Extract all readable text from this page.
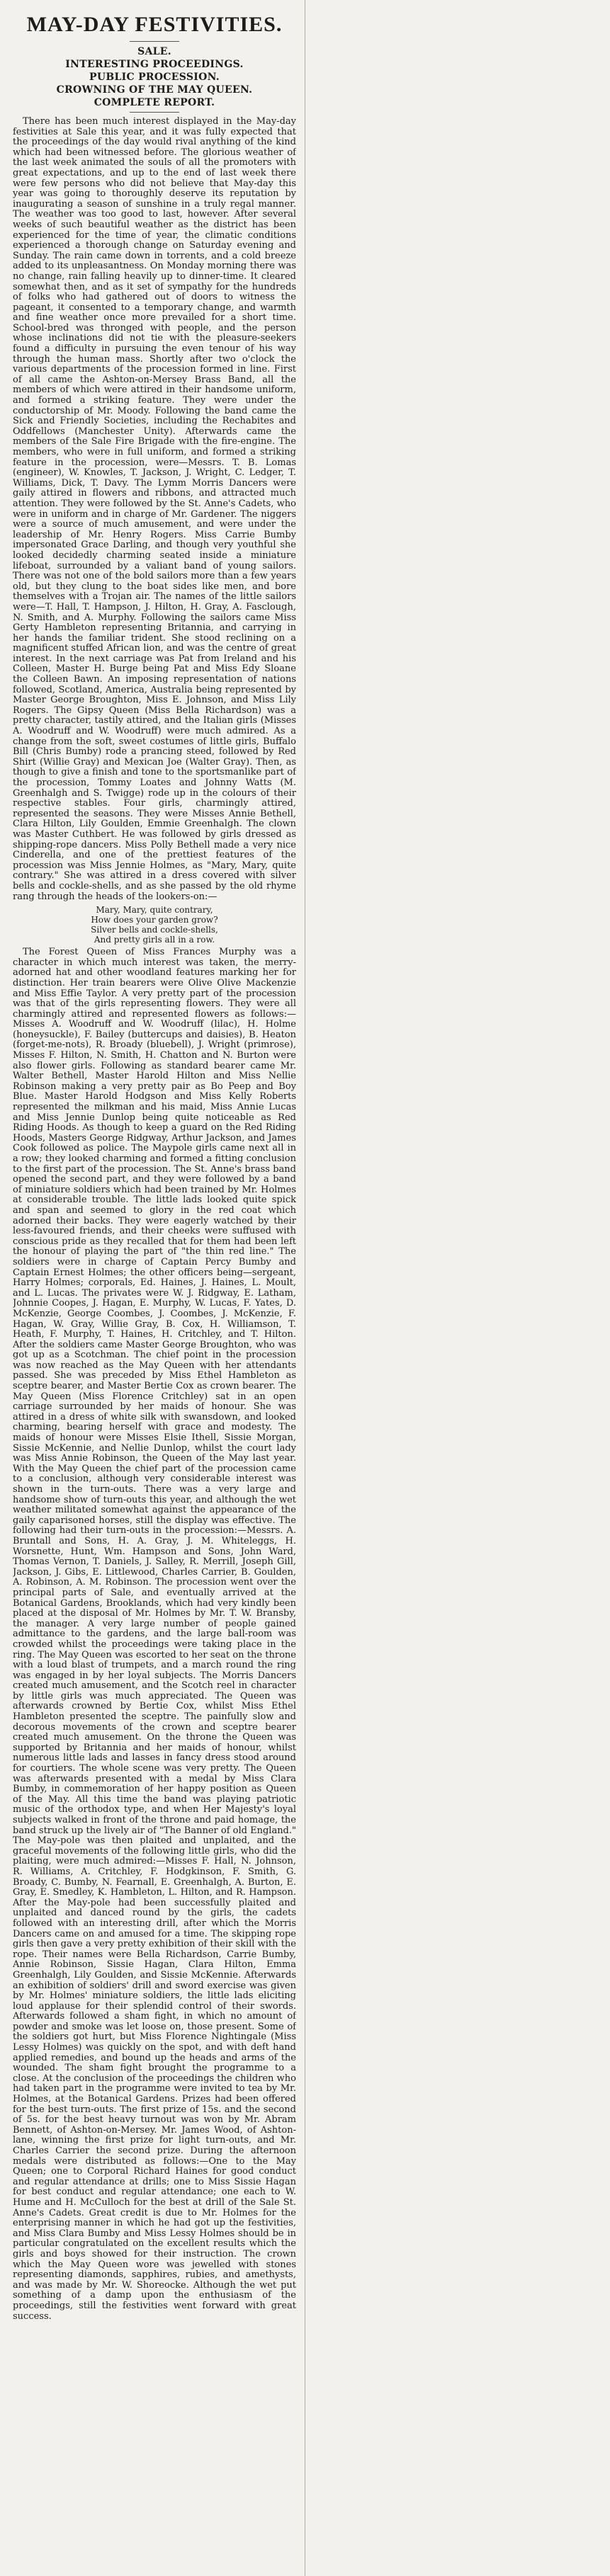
MAY-DAY FESTIVITIES.
SALE.
INTERESTING PROCEEDINGS.
PUBLIC PROCESSION.
CROWNING OF THE MAY QUEEN.
COMPLETE REPORT.

There has been much interest displayed in the May-day festivities at Sale this year, and it was fully expected that the proceedings of the day would rival anything of the kind which had been witnessed before. The glorious weather of the last week animated the souls of all the promoters with great expectations, and up to the end of last week there were few persons who did not believe that May-day this year was going to thoroughly deserve its reputation by inaugurating a season of sunshine in a truly regal manner. The weather was too good to last, however. After several weeks of such beautiful weather as the district has been experienced for the time of year, the climatic conditions experienced a thorough change on Saturday evening and Sunday. The rain came down in torrents, and a cold breeze added to its unpleasantness. On Monday morning there was no change, rain falling heavily up to dinner-time. It cleared somewhat then, and as it set of sympathy for the hundreds of folks who had gathered out of doors to witness the pageant, it consented to a temporary change, and warmth and fine weather once more prevailed for a short time. School-bred was thronged with people, and the person whose inclinations did not tie with the pleasure-seekers found a difficulty in pursuing the even tenour of his way through the human mass. Shortly after two o'clock the various departments of the procession formed in line. First of all came the Ashton-on-Mersey Brass Band, all the members of which were attired in their handsome uniform, and formed a striking feature. They were under the conductorship of Mr. Moody. Following the band came the Sick and Friendly Societies, including the Rechabites and Oddfellows (Manchester Unity). Afterwards came the members of the Sale Fire Brigade with the fire-engine. The members, who were in full uniform, and formed a striking feature in the procession, were—Messrs. T. B. Lomas (engineer), W. Knowles, T. Jackson, J. Wright, C. Ledger, T. Williams, Dick, T. Davy. The Lymm Morris Dancers were gaily attired in flowers and ribbons, and attracted much attention. They were followed by the St. Anne's Cadets, who were in uniform and in charge of Mr. Gardener. The niggers were a source of much amusement, and were under the leadership of Mr. Henry Rogers. Miss Carrie Bumby impersonated Grace Darling, and though very youthful she looked decidedly charming seated inside a miniature lifeboat, surrounded by a valiant band of young sailors. There was not one of the bold sailors more than a few years old, but they clung to the boat sides like men, and bore themselves with a Trojan air. The names of the little sailors were—T. Hall, T. Hampson, J. Hilton, H. Gray, A. Fasclough, N. Smith, and A. Murphy. Following the sailors came Miss Gerty Hambleton representing Britannia, and carrying in her hands the familiar trident. She stood reclining on a magnificent stuffed African lion, and was the centre of great interest. In the next carriage was Pat from Ireland and his Colleen, Master H. Burge being Pat and Miss Edy Sloane the Colleen Bawn. An imposing representation of nations followed, Scotland, America, Australia being represented by Master George Broughton, Miss E. Johnson, and Miss Lily Rogers. The Gipsy Queen (Miss Bella Richardson) was a pretty character, tastily attired, and the Italian girls (Misses A. Woodruff and W. Woodruff) were much admired. As a change from the soft, sweet costumes of little girls, Buffalo Bill (Chris Bumby) rode a prancing steed, followed by Red Shirt (Willie Gray) and Mexican Joe (Walter Gray). Then, as though to give a finish and tone to the sportsmanlike part of the procession, Tommy Loates and Johnny Watts (M. Greenhalgh and S. Twigge) rode up in the colours of their respective stables. Four girls, charmingly attired, represented the seasons. They were Misses Annie Bethell, Clara Hilton, Lily Goulden, Emmie Greenhalgh. The clown was Master Cuthbert. He was followed by girls dressed as shipping-rope dancers. Miss Polly Bethell made a very nice Cinderella, and one of the prettiest features of the procession was Miss Jennie Holmes, as "Mary, Mary, quite contrary." She was attired in a dress covered with silver bells and cockle-shells, and as she passed by the old rhyme rang through the heads of the lookers-on:—

Mary, Mary, quite contrary,
How does your garden grow?
Silver bells and cockle-shells,
And pretty girls all in a row.

The Forest Queen of Miss Frances Murphy was a character in which much interest was taken, the merry-adorned hat and other woodland features marking her for distinction. Her train bearers were Olive Olive Mackenzie and Miss Effie Taylor. A very pretty part of the procession was that of the girls representing flowers. They were all charmingly attired and represented flowers as follows:—Misses A. Woodruff and W. Woodruff (lilac), H. Holme (honeysuckle), F. Bailey (buttercups and daisies), B. Heaton (forget-me-nots), R. Broady (bluebell), J. Wright (primrose), Misses F. Hilton, N. Smith, H. Chatton and N. Burton were also flower girls. Following as standard bearer came Mr. Walter Bethell, Master Harold Hilton and Miss Nellie Robinson making a very pretty pair as Bo Peep and Boy Blue. Master Harold Hodgson and Miss Kelly Roberts represented the milkman and his maid, Miss Annie Lucas and Miss Jennie Dunlop being quite noticeable as Red Riding Hoods. As though to keep a guard on the Red Riding Hoods, Masters George Ridgway, Arthur Jackson, and James Cook followed as police. The Maypole girls came next all in a row; they looked charming and formed a fitting conclusion to the first part of the procession. The St. Anne's brass band opened the second part, and they were followed by a band of miniature soldiers which had been trained by Mr. Holmes at considerable trouble. The little lads looked quite spick and span and seemed to glory in the red coat which adorned their backs. They were eagerly watched by their less-favoured friends, and their cheeks were suffused with conscious pride as they recalled that for them had been left the honour of playing the part of "the thin red line." The soldiers were in charge of Captain Percy Bumby and Captain Ernest Holmes; the other officers being—sergeant, Harry Holmes; corporals, Ed. Haines, J. Haines, L. Moult, and L. Lucas. The privates were W. J. Ridgway, E. Latham, Johnnie Coopes, J. Hagan, E. Murphy, W. Lucas, F. Yates, D. McKenzie, George Coombes, J. Coombes, J. McKenzie, F. Hagan, W. Gray, Willie Gray, B. Cox, H. Williamson, T. Heath, F. Murphy, T. Haines, H. Critchley, and T. Hilton. After the soldiers came Master George Broughton, who was got up as a Scotchman. The chief point in the procession was now reached as the May Queen with her attendants passed. She was preceded by Miss Ethel Hambleton as sceptre bearer, and Master Bertie Cox as crown bearer. The May Queen (Miss Florence Critchley) sat in an open carriage surrounded by her maids of honour. She was attired in a dress of white silk with swansdown, and looked charming, bearing herself with grace and modesty. The maids of honour were Misses Elsie Ithell, Sissie Morgan, Sissie McKennie, and Nellie Dunlop, whilst the court lady was Miss Annie Robinson, the Queen of the May last year. With the May Queen the chief part of the procession came to a conclusion, although very considerable interest was shown in the turn-outs. There was a very large and handsome show of turn-outs this year, and although the wet weather militated somewhat against the appearance of the gaily caparisoned horses, still the display was effective. The following had their turn-outs in the procession:—Messrs. A. Bruntall and Sons, H. A. Gray, J. M. Whiteleggs, H. Worsnette, Hunt, Wm. Hampson and Sons, John Ward, Thomas Vernon, T. Daniels, J. Salley, R. Merrill, Joseph Gill, Jackson, J. Gibs, E. Littlewood, Charles Carrier, B. Goulden, A. Robinson, A. M. Robinson. The procession went over the principal parts of Sale, and eventually arrived at the Botanical Gardens, Brooklands, which had very kindly been placed at the disposal of Mr. Holmes by Mr. T. W. Bransby, the manager. A very large number of people gained admittance to the gardens, and the large ball-room was crowded whilst the proceedings were taking place in the ring. The May Queen was escorted to her seat on the throne with a loud blast of trumpets, and a march round the ring was engaged in by her loyal subjects. The Morris Dancers created much amusement, and the Scotch reel in character by little girls was much appreciated. The Queen was afterwards crowned by Bertie Cox, whilst Miss Ethel Hambleton presented the sceptre. The painfully slow and decorous movements of the crown and sceptre bearer created much amusement. On the throne the Queen was supported by Britannia and her maids of honour, whilst numerous little lads and lasses in fancy dress stood around for courtiers. The whole scene was very pretty. The Queen was afterwards presented with a medal by Miss Clara Bumby, in commemoration of her happy position as Queen of the May. All this time the band was playing patriotic music of the orthodox type, and when Her Majesty's loyal subjects walked in front of the throne and paid homage, the band struck up the lively air of "The Banner of old England." The May-pole was then plaited and unplaited, and the graceful movements of the following little girls, who did the plaiting, were much admired:—Misses F. Hall, N. Johnson, R. Williams, A. Critchley, F. Hodgkinson, F. Smith, G. Broady, C. Bumby, N. Fearnall, E. Greenhalgh, A. Burton, E. Gray, E. Smedley, K. Hambleton, L. Hilton, and R. Hampson. After the May-pole had been successfully plaited and unplaited and danced round by the girls, the cadets followed with an interesting drill, after which the Morris Dancers came on and amused for a time. The skipping rope girls then gave a very pretty exhibition of their skill with the rope. Their names were Bella Richardson, Carrie Bumby, Annie Robinson, Sissie Hagan, Clara Hilton, Emma Greenhalgh, Lily Goulden, and Sissie McKennie. Afterwards an exhibition of soldiers' drill and sword exercise was given by Mr. Holmes' miniature soldiers, the little lads eliciting loud applause for their splendid control of their swords. Afterwards followed a sham fight, in which no amount of powder and smoke was let loose on, those present. Some of the soldiers got hurt, but Miss Florence Nightingale (Miss Lessy Holmes) was quickly on the spot, and with deft hand applied remedies, and bound up the heads and arms of the wounded. The sham fight brought the programme to a close. At the conclusion of the proceedings the children who had taken part in the programme were invited to tea by Mr. Holmes, at the Botanical Gardens. Prizes had been offered for the best turn-outs. The first prize of 15s. and the second of 5s. for the best heavy turnout was won by Mr. Abram Bennett, of Ashton-on-Mersey. Mr. James Wood, of Ashton-lane, winning the first prize for light turn-outs, and Mr. Charles Carrier the second prize. During the afternoon medals were distributed as follows:—One to the May Queen; one to Corporal Richard Haines for good conduct and regular attendance at drills; one to Miss Sissie Hagan for best conduct and regular attendance; one each to W. Hume and H. McCulloch for the best at drill of the Sale St. Anne's Cadets. Great credit is due to Mr. Holmes for the enterprising manner in which he had got up the festivities, and Miss Clara Bumby and Miss Lessy Holmes should be in particular congratulated on the excellent results which the girls and boys showed for their instruction. The crown which the May Queen wore was jewelled with stones representing diamonds, sapphires, rubies, and amethysts, and was made by Mr. W. Shoreocke. Although the wet put something of a damp upon the enthusiasm of the proceedings, still the festivities went forward with great success.
